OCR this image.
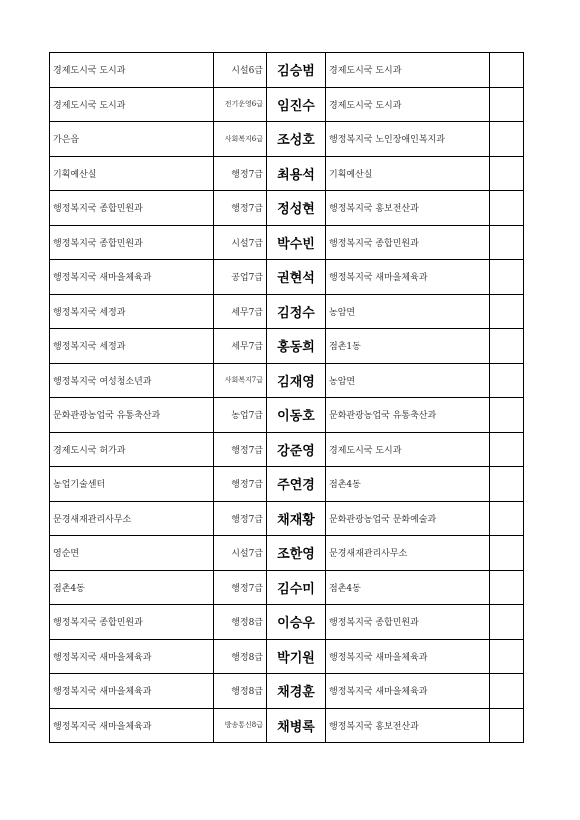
경제도시국 도시과	시설6급	김승범	경제도시국 도시과	
경제도시국 도시과	전기운영6급	임진수	경제도시국 도시과	
가은읍	사회복지6급	조성호	행정복지국 노인장애인복지과	
기획예산실	행정7급	최용석	기획예산실	
행정복지국 종합민원과	행정7급	정성현	행정복지국 홍보전산과	
행정복지국 종합민원과	시설7급	박수빈	행정복지국 종합민원과	
행정복지국 새마을체육과	공업7급	권현석	행정복지국 새마을체육과	
행정복지국 세정과	세무7급	김정수	농암면	
행정복지국 세정과	세무7급	홍동희	점촌1동	
행정복지국 여성청소년과	사회복지7급	김재영	농암면	
문화관광농업국 유통축산과	농업7급	이동호	문화관광농업국 유통축산과	
경제도시국 허가과	행정7급	강준영	경제도시국 도시과	
농업기술센터	행정7급	주연경	점촌4동	
문경새재관리사무소	행정7급	채재황	문화관광농업국 문화예술과	
영순면	시설7급	조한영	문경새재관리사무소	
점촌4동	행정7급	김수미	점촌4동	
행정복지국 종합민원과	행정8급	이승우	행정복지국 종합민원과	
행정복지국 새마을체육과	행정8급	박기원	행정복지국 새마을체육과	
행정복지국 새마을체육과	행정8급	채경훈	행정복지국 새마을체육과	
행정복지국 새마을체육과	방송통신8급	채병록	행정복지국 홍보전산과	
